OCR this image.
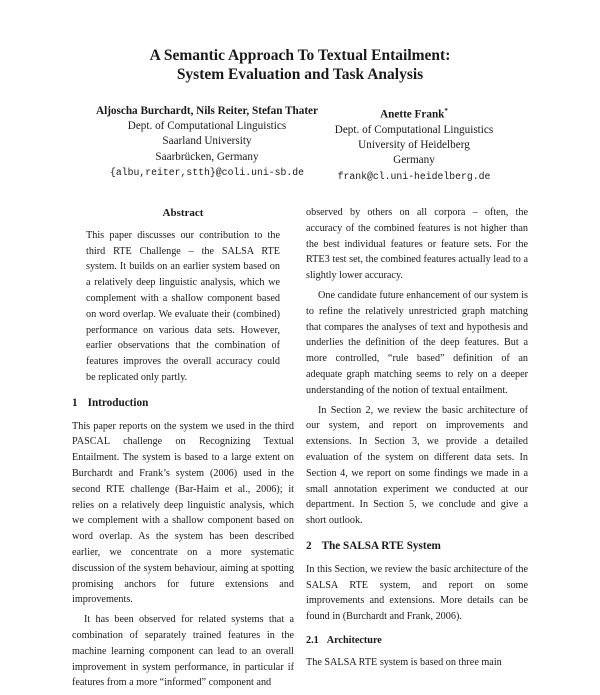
A Semantic Approach To Textual Entailment:
System Evaluation and Task Analysis
Aljoscha Burchardt, Nils Reiter, Stefan Thater
Dept. of Computational Linguistics
Saarland University
Saarbrücken, Germany
{albu,reiter,stth}@coli.uni-sb.de
Anette Frank*
Dept. of Computational Linguistics
University of Heidelberg
Germany
frank@cl.uni-heidelberg.de
Abstract
This paper discusses our contribution to the third RTE Challenge – the SALSA RTE system. It builds on an earlier system based on a relatively deep linguistic analysis, which we complement with a shallow component based on word overlap. We evaluate their (combined) performance on various data sets. However, earlier observations that the combination of features improves the overall accuracy could be replicated only partly.
1 Introduction
This paper reports on the system we used in the third PASCAL challenge on Recognizing Textual Entailment. The system is based to a large extent on Burchardt and Frank’s system (2006) used in the second RTE challenge (Bar-Haim et al., 2006); it relies on a relatively deep linguistic analysis, which we complement with a shallow component based on word overlap. As the system has been described earlier, we concentrate on a more systematic discussion of the system behaviour, aiming at spotting promising anchors for future extensions and improvements.
It has been observed for related systems that a combination of separately trained features in the machine learning component can lead to an overall improvement in system performance, in particular if features from a more “informed” component and
observed by others on all corpora – often, the accuracy of the combined features is not higher than the best individual features or feature sets. For the RTE3 test set, the combined features actually lead to a slightly lower accuracy.
One candidate future enhancement of our system is to refine the relatively unrestricted graph matching that compares the analyses of text and hypothesis and underlies the definition of the deep features. But a more controlled, “rule based” definition of an adequate graph matching seems to rely on a deeper understanding of the notion of textual entailment.
In Section 2, we review the basic architecture of our system, and report on improvements and extensions. In Section 3, we provide a detailed evaluation of the system on different data sets. In Section 4, we report on some findings we made in a small annotation experiment we conducted at our department. In Section 5, we conclude and give a short outlook.
2 The SALSA RTE System
In this Section, we review the basic architecture of the SALSA RTE system, and report on some improvements and extensions. More details can be found in (Burchardt and Frank, 2006).
2.1 Architecture
The SALSA RTE system is based on three main
